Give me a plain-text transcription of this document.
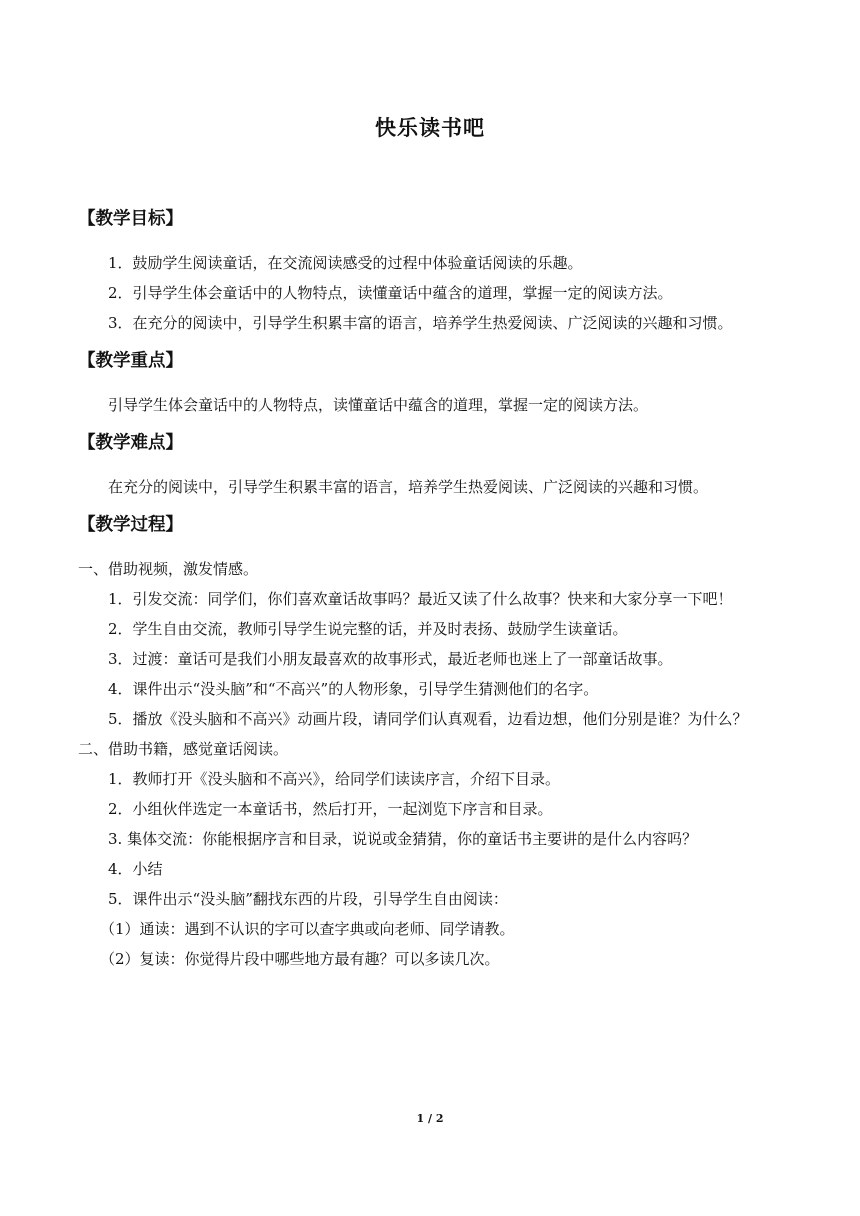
快乐读书吧
【教学目标】

1．鼓励学生阅读童话，在交流阅读感受的过程中体验童话阅读的乐趣。

2．引导学生体会童话中的人物特点，读懂童话中蕴含的道理，掌握一定的阅读方法。

3．在充分的阅读中，引导学生积累丰富的语言，培养学生热爱阅读、广泛阅读的兴趣和习惯。

【教学重点】

引导学生体会童话中的人物特点，读懂童话中蕴含的道理，掌握一定的阅读方法。

【教学难点】

在充分的阅读中，引导学生积累丰富的语言，培养学生热爱阅读、广泛阅读的兴趣和习惯。

【教学过程】

一、借助视频，激发情感。

1．引发交流：同学们，你们喜欢童话故事吗？最近又读了什么故事？快来和大家分享一下吧！

2．学生自由交流，教师引导学生说完整的话，并及时表扬、鼓励学生读童话。

3．过渡：童话可是我们小朋友最喜欢的故事形式，最近老师也迷上了一部童话故事。

4．课件出示“没头脑”和“不高兴”的人物形象，引导学生猜测他们的名字。

5．播放《没头脑和不高兴》动画片段，请同学们认真观看，边看边想，他们分别是谁？为什么？

二、借助书籍，感觉童话阅读。

1．教师打开《没头脑和不高兴》，给同学们读读序言，介绍下目录。

2．小组伙伴选定一本童话书，然后打开，一起浏览下序言和目录。

3. 集体交流：你能根据序言和目录，说说或金猜猜，你的童话书主要讲的是什么内容吗？

4．小结

5．课件出示“没头脑”翻找东西的片段，引导学生自由阅读：

（1）通读：遇到不认识的字可以查字典或向老师、同学请教。

（2）复读：你觉得片段中哪些地方最有趣？可以多读几次。

1 / 2
